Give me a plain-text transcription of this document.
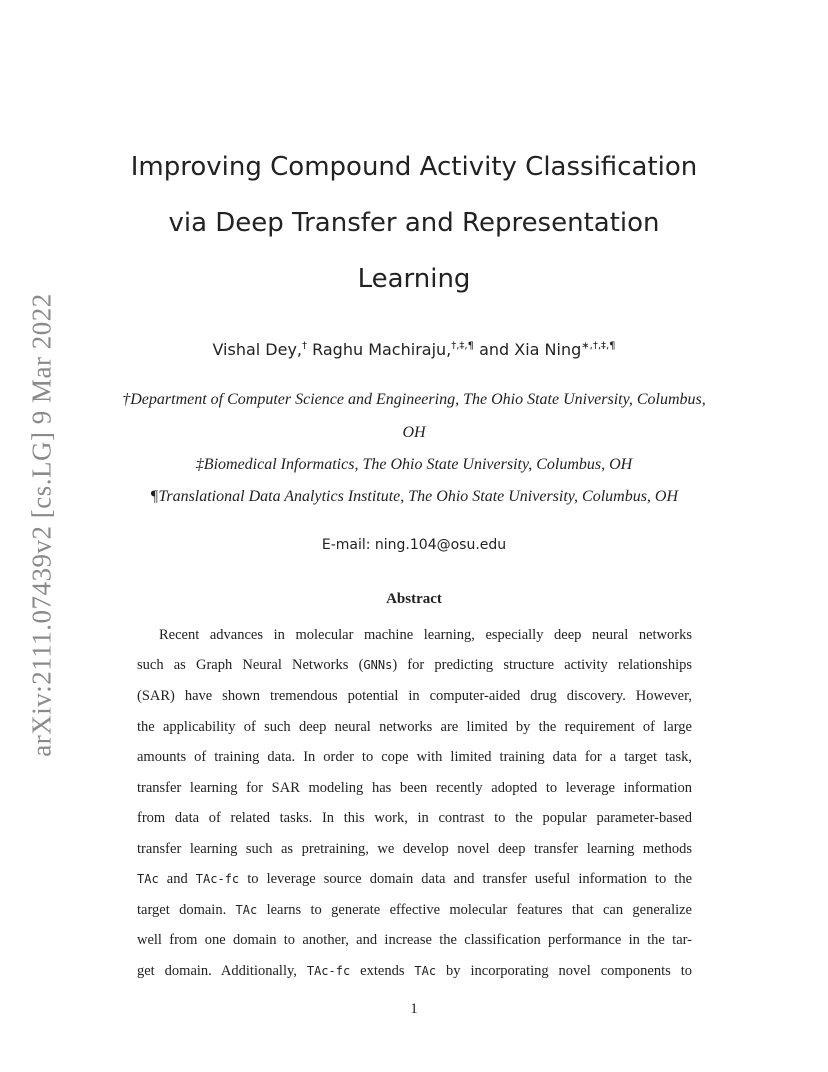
arXiv:2111.07439v2 [cs.LG] 9 Mar 2022
Improving Compound Activity Classification
via Deep Transfer and Representation
Learning
Vishal Dey,† Raghu Machiraju,†,‡,¶ and Xia Ning∗,†,‡,¶
†Department of Computer Science and Engineering, The Ohio State University, Columbus,
OH
‡Biomedical Informatics, The Ohio State University, Columbus, OH
¶Translational Data Analytics Institute, The Ohio State University, Columbus, OH
E-mail: ning.104@osu.edu
Abstract
Recent advances in molecular machine learning, especially deep neural networks
such as Graph Neural Networks (GNNs) for predicting structure activity relationships
(SAR) have shown tremendous potential in computer-aided drug discovery. However,
the applicability of such deep neural networks are limited by the requirement of large
amounts of training data. In order to cope with limited training data for a target task,
transfer learning for SAR modeling has been recently adopted to leverage information
from data of related tasks. In this work, in contrast to the popular parameter-based
transfer learning such as pretraining, we develop novel deep transfer learning methods
TAc and TAc-fc to leverage source domain data and transfer useful information to the
target domain. TAc learns to generate effective molecular features that can generalize
well from one domain to another, and increase the classification performance in the tar-
get domain. Additionally, TAc-fc extends TAc by incorporating novel components to
1
